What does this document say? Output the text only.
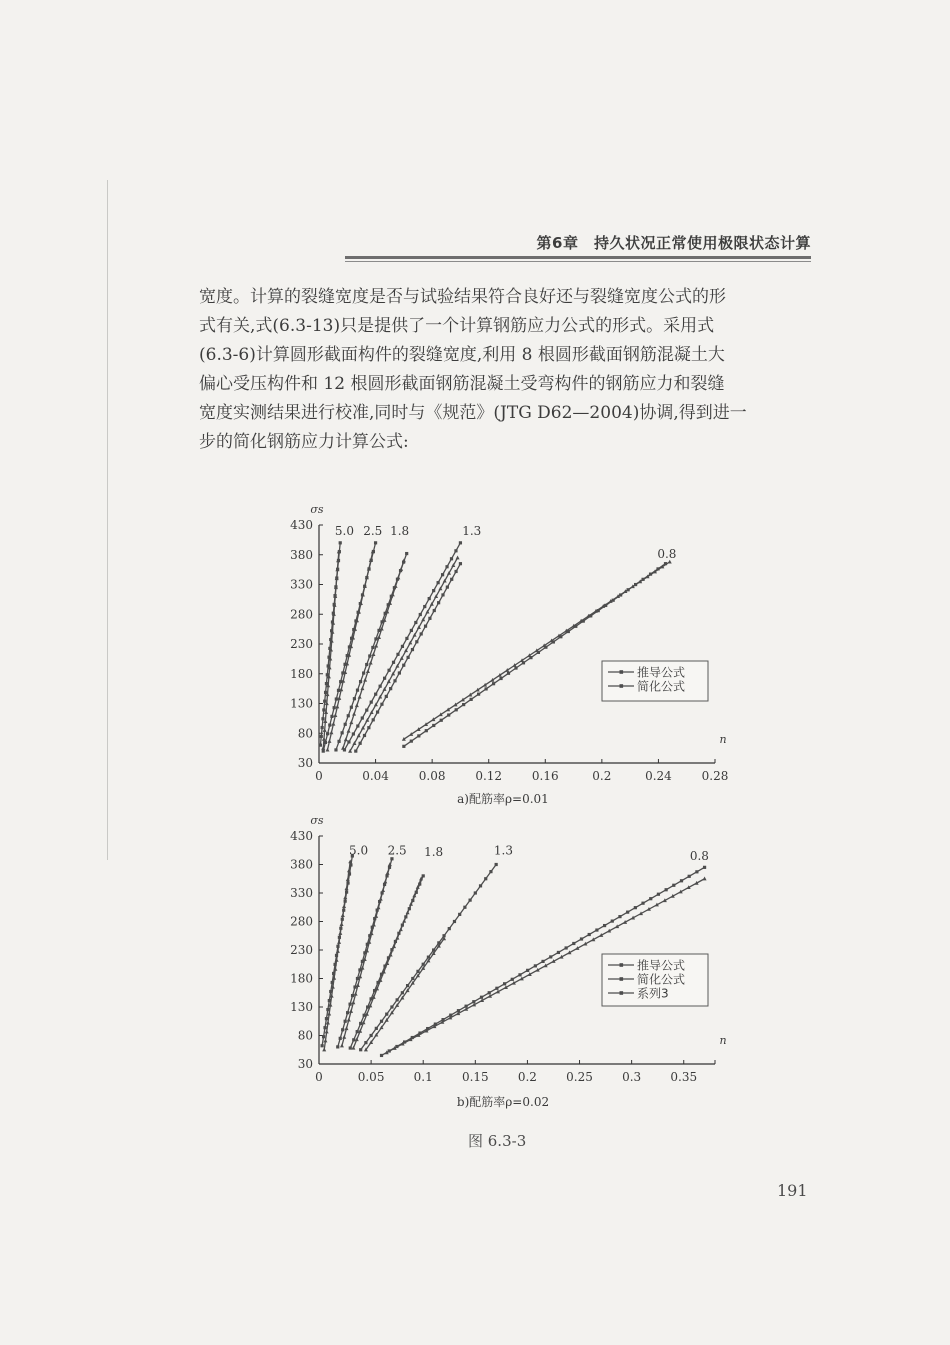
第6章　持久状况正常使用极限状态计算

宽度。计算的裂缝宽度是否与试验结果符合良好还与裂缝宽度公式的形

式有关,式(6.3-13)只是提供了一个计算钢筋应力公式的形式。采用式

(6.3-6)计算圆形截面构件的裂缝宽度,利用 8 根圆形截面钢筋混凝土大

偏心受压构件和 12 根圆形截面钢筋混凝土受弯构件的钢筋应力和裂缝

宽度实测结果进行校准,同时与《规范》(JTG D62—2004)协调,得到进一

步的简化钢筋应力计算公式:

30
80
130
180
230
280
330
380
430
0	0.04 0.08 0.12 0.16	0.2	0.24 0.28
σs
n
5.0 2.5 1.8	1.3
0.8
推导公式
简化公式
a)配筋率ρ=0.01
30
80
130
180
230
280
330
380
430
0	0.05 0.1 0.15 0.2 0.25 0.3 0.35
σs
n
5.0 2.5 1.8	1.3	0.8
推导公式
简化公式
系列3
b)配筋率ρ=0.02
图 6.3-3
191
